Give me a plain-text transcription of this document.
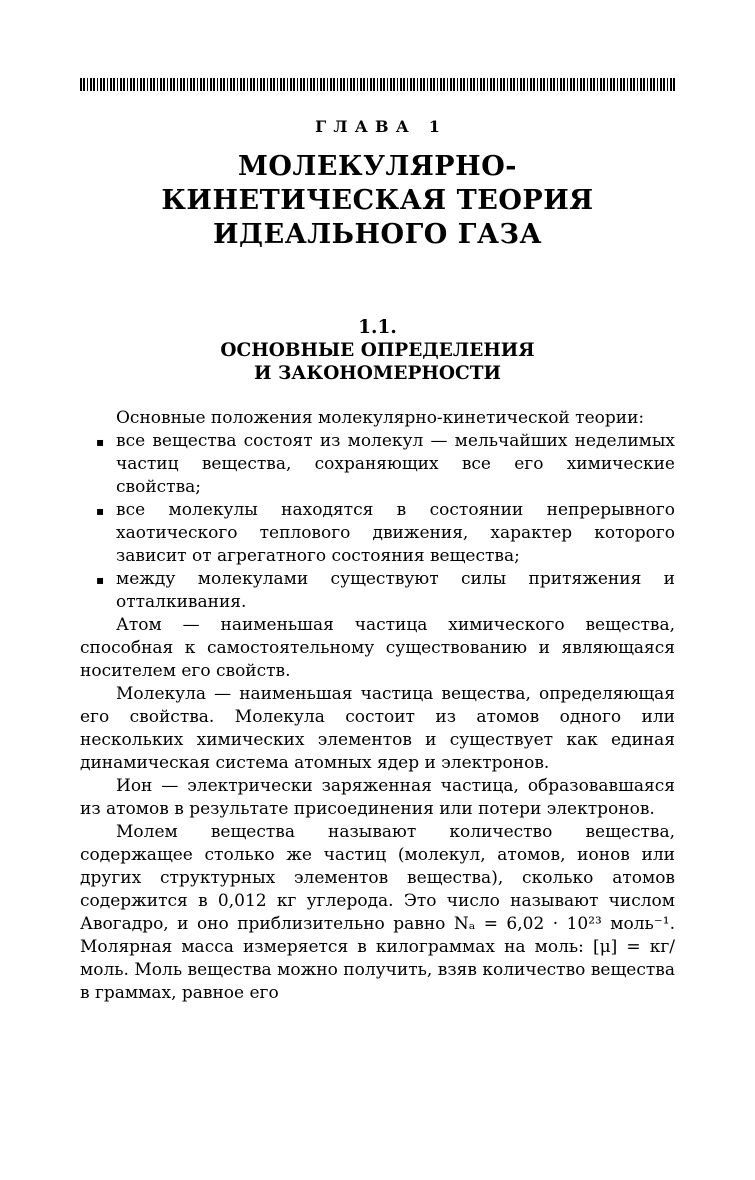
ГЛАВА 1
МОЛЕКУЛЯРНО-
КИНЕТИЧЕСКАЯ ТЕОРИЯ
ИДЕАЛЬНОГО ГАЗА
1.1.
ОСНОВНЫЕ ОПРЕДЕЛЕНИЯ
И ЗАКОНОМЕРНОСТИ

Основные положения молекулярно-кинетической теории:

▪ все вещества состоят из молекул — мельчайших неделимых частиц вещества, сохраняющих все его химические свойства;
▪ все молекулы находятся в состоянии непрерывного хаотического теплового движения, характер которого зависит от агрегатного состояния вещества;
▪ между молекулами существуют силы притяжения и отталкивания.

Атом — наименьшая частица химического вещества, способная к самостоятельному существованию и являющаяся носителем его свойств.

Молекула — наименьшая частица вещества, определяющая его свойства. Молекула состоит из атомов одного или нескольких химических элементов и существует как единая динамическая система атомных ядер и электронов.

Ион — электрически заряженная частица, образовавшаяся из атомов в результате присоединения или потери электронов.

Молем вещества называют количество вещества, содержащее столько же частиц (молекул, атомов, ионов или других структурных элементов вещества), сколько атомов содержится в 0,012 кг углерода. Это число называют числом Авогадро, и оно приблизительно равно Nₐ = 6,02 · 10²³ моль⁻¹. Молярная масса измеряется в килограммах на моль: [μ] = кг/моль. Моль вещества можно получить, взяв количество вещества в граммах, равное его
